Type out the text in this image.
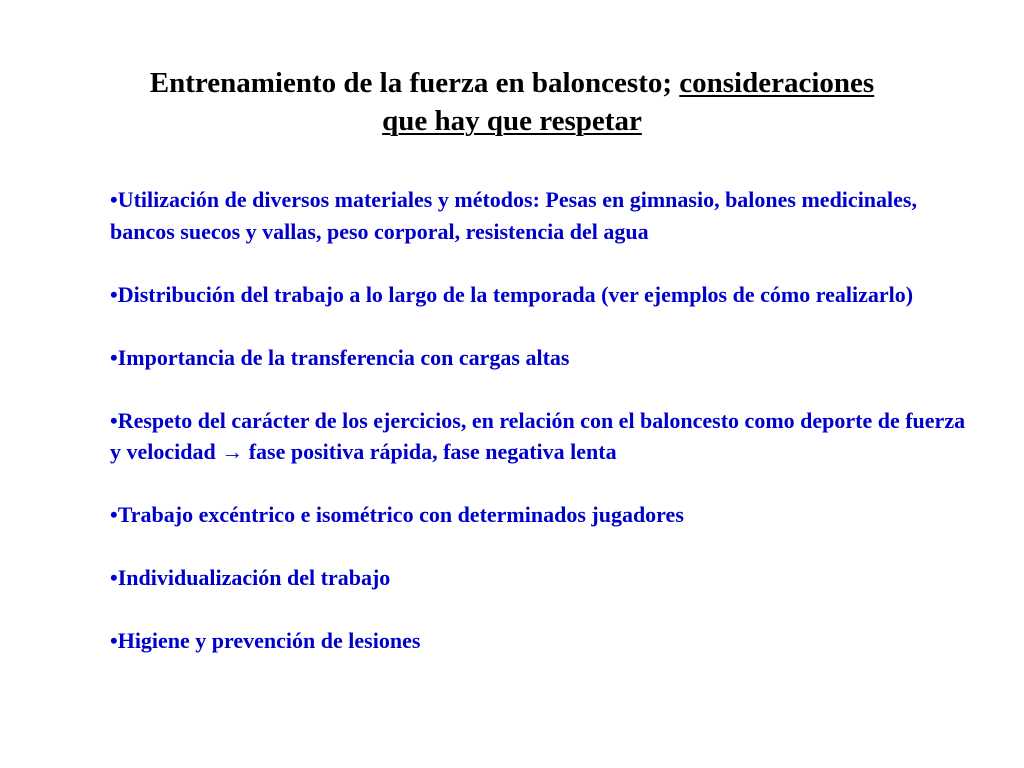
Entrenamiento de la fuerza en baloncesto; consideraciones
que hay que respetar
•Utilización de diversos materiales y métodos: Pesas en gimnasio, balones medicinales, bancos suecos y vallas, peso corporal, resistencia del agua
•Distribución del trabajo a lo largo de la temporada (ver ejemplos de cómo realizarlo)
•Importancia de la transferencia con cargas altas
•Respeto del carácter de los ejercicios, en relación con el baloncesto como deporte de fuerza y velocidad → fase positiva rápida, fase negativa lenta
•Trabajo excéntrico e isométrico con determinados jugadores
•Individualización del trabajo
•Higiene y prevención de lesiones
